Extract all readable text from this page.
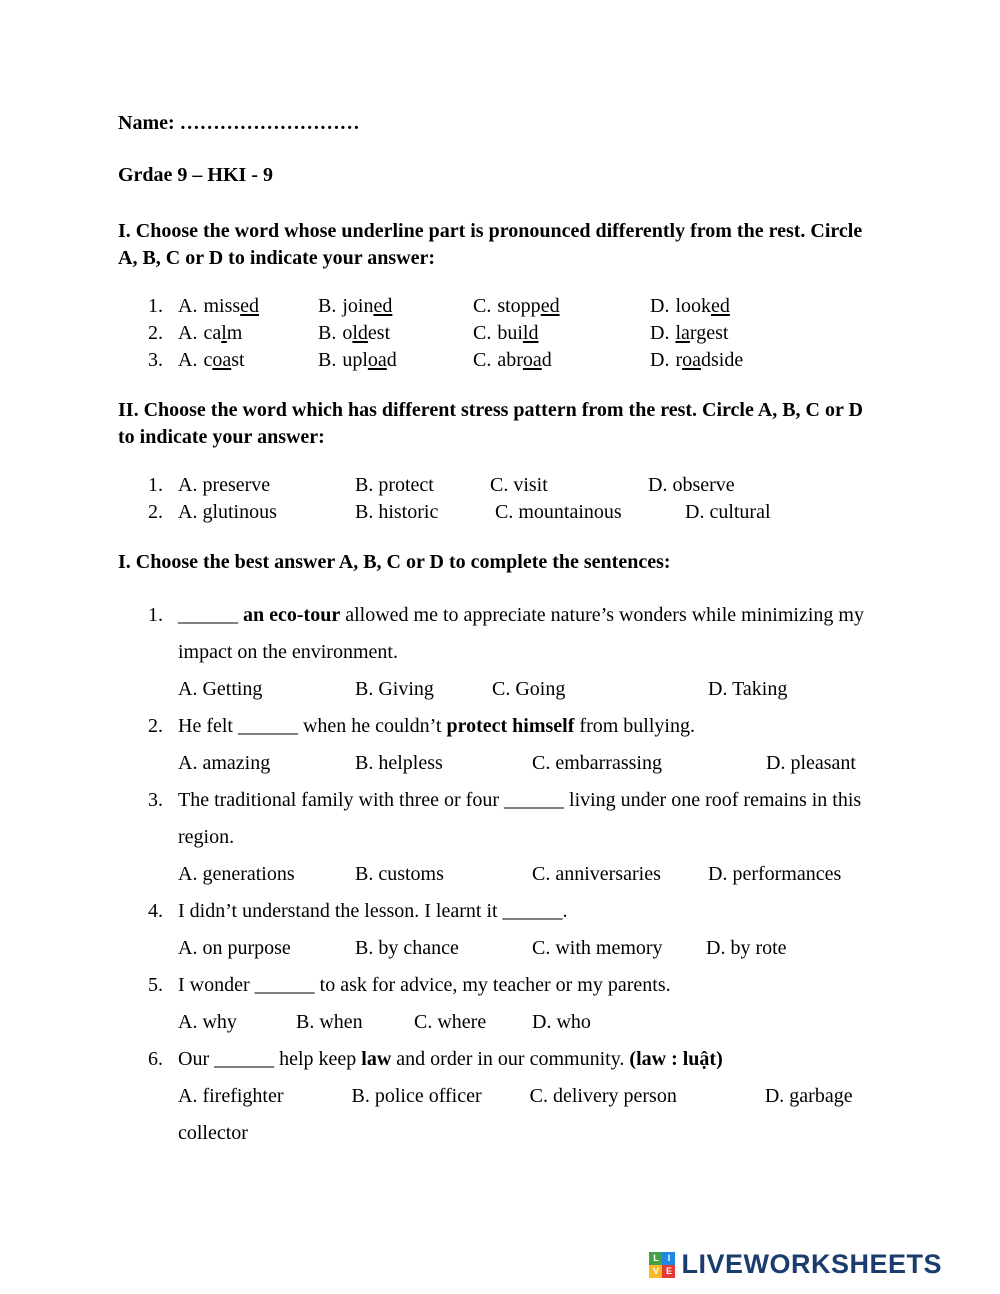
Name: ………………………

Grdae 9 – HKI - 9

I. Choose the word whose underline part is pronounced differently from the rest. Circle A, B, C or D to indicate your answer:

1. A. missed	B. joined	C. stopped	D. looked
2. A. calm	B. oldest	C. build	D. largest
3. A. coast	B. upload	C. abroad	D. roadside

II. Choose the word which has different stress pattern from the rest. Circle A, B, C or D to indicate your answer:

1. A. preserve	B. protect	C. visit	D. observe
2. A. glutinous	B. historic	C. mountainous	D. cultural

I. Choose the best answer A, B, C or D to complete the sentences:

1. ______ an eco-tour allowed me to appreciate nature’s wonders while minimizing my impact on the environment.

A. Getting	B. Giving	C. Going	D. Taking
2. He felt ______ when he couldn’t protect himself from bullying.

A. amazing	B. helpless	C. embarrassing	D. pleasant
3. The traditional family with three or four ______ living under one roof remains in this region.

A. generations	B. customs	C. anniversaries	D. performances
4. I didn’t understand the lesson. I learnt it ______.

A. on purpose	B. by chance	C. with memory	D. by rote
5. I wonder ______ to ask for advice, my teacher or my parents.

A. why	B. when	C. where	D. who
6. Our ______ help keep law and order in our community. (law : luật)

A. firefighter	B. police officer C. delivery person	D. garbage collector

L I
V E LIVEWORKSHEETS
